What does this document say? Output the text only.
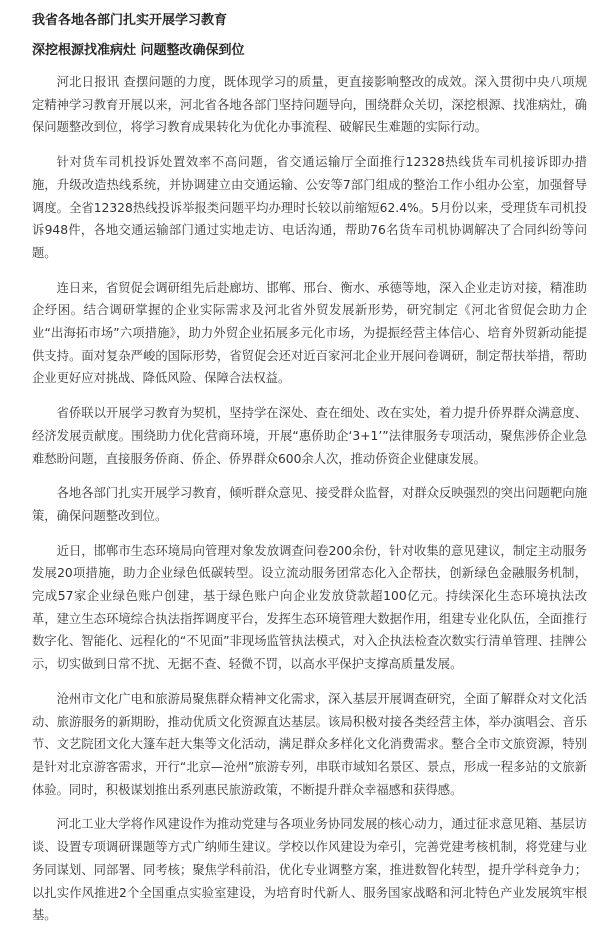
我省各地各部门扎实开展学习教育
深挖根源找准病灶 问题整改确保到位

河北日报讯 查摆问题的力度，既体现学习的质量，更直接影响整改的成效。深入贯彻中央八项规定精神学习教育开展以来，河北省各地各部门坚持问题导向，围绕群众关切，深挖根源、找准病灶，确保问题整改到位，将学习教育成果转化为优化办事流程、破解民生难题的实际行动。

针对货车司机投诉处置效率不高问题，省交通运输厅全面推行12328热线货车司机接诉即办措施，升级改造热线系统，并协调建立由交通运输、公安等7部门组成的整治工作小组办公室，加强督导调度。全省12328热线投诉举报类问题平均办理时长较以前缩短62.4%。5月份以来，受理货车司机投诉948件，各地交通运输部门通过实地走访、电话沟通，帮助76名货车司机协调解决了合同纠纷等问题。

连日来，省贸促会调研组先后赴廊坊、邯郸、邢台、衡水、承德等地，深入企业走访对接，精准助企纾困。结合调研掌握的企业实际需求及河北省外贸发展新形势，研究制定《河北省贸促会助力企业“出海拓市场”六项措施》，助力外贸企业拓展多元化市场，为提振经营主体信心、培育外贸新动能提供支持。面对复杂严峻的国际形势，省贸促会还对近百家河北企业开展问卷调研，制定帮扶举措，帮助企业更好应对挑战、降低风险、保障合法权益。

省侨联以开展学习教育为契机，坚持学在深处、查在细处、改在实处，着力提升侨界群众满意度、经济发展贡献度。围绕助力优化营商环境，开展“惠侨助企‘3+1’”法律服务专项活动，聚焦涉侨企业急难愁盼问题，直接服务侨商、侨企、侨界群众600余人次，推动侨资企业健康发展。

各地各部门扎实开展学习教育，倾听群众意见、接受群众监督，对群众反映强烈的突出问题靶向施策，确保问题整改到位。

近日，邯郸市生态环境局向管理对象发放调查问卷200余份，针对收集的意见建议，制定主动服务发展20项措施，助力企业绿色低碳转型。设立流动服务团常态化入企帮扶，创新绿色金融服务机制，完成57家企业绿色账户创建，基于绿色账户向企业发放贷款超100亿元。持续深化生态环境执法改革，建立生态环境综合执法指挥调度平台，发挥生态环境管理大数据作用，组建专业化队伍，全面推行数字化、智能化、远程化的“不见面”非现场监管执法模式，对入企执法检查次数实行清单管理、挂牌公示，切实做到日常不扰、无据不查、轻微不罚，以高水平保护支撑高质量发展。

沧州市文化广电和旅游局聚焦群众精神文化需求，深入基层开展调查研究，全面了解群众对文化活动、旅游服务的新期盼，推动优质文化资源直达基层。该局积极对接各类经营主体，举办演唱会、音乐节、文艺院团文化大篷车赶大集等文化活动，满足群众多样化文化消费需求。整合全市文旅资源，特别是针对北京游客需求，开行“北京—沧州”旅游专列，串联市域知名景区、景点，形成一程多站的文旅新体验。同时，积极谋划推出系列惠民旅游政策，不断提升群众幸福感和获得感。

河北工业大学将作风建设作为推动党建与各项业务协同发展的核心动力，通过征求意见箱、基层访谈、设置专项调研课题等方式广纳师生建议。学校以作风建设为牵引，完善党建考核机制，将党建与业务同谋划、同部署、同考核；聚焦学科前沿，优化专业调整方案，推进数智化转型，提升学科竞争力；以扎实作风推进2个全国重点实验室建设，为培育时代新人、服务国家战略和河北特色产业发展筑牢根基。
